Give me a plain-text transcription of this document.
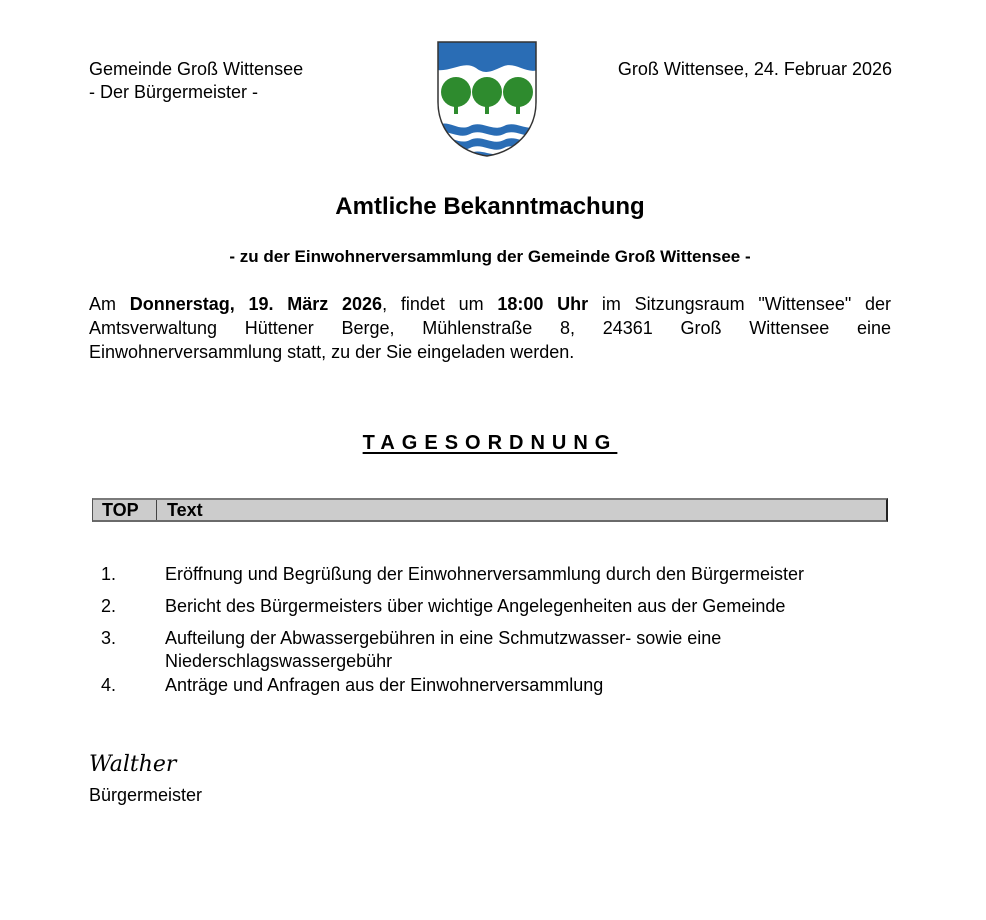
Gemeinde Groß Wittensee
- Der Bürgermeister -
Groß Wittensee, 24. Februar 2026
Amtliche Bekanntmachung
- zu der Einwohnerversammlung der Gemeinde Groß Wittensee -
Am Donnerstag, 19. März 2026, findet um 18:00 Uhr im Sitzungsraum "Wittensee" der Amtsverwaltung Hüttener Berge, Mühlenstraße 8, 24361 Groß Wittensee eine Einwohnerversammlung statt, zu der Sie eingeladen werden.
TAGESORDNUNG
TOP	Text
1.	Eröffnung und Begrüßung der Einwohnerversammlung durch den Bürgermeister
2.	Bericht des Bürgermeisters über wichtige Angelegenheiten aus der Gemeinde
3.	Aufteilung der Abwassergebühren in eine Schmutzwasser- sowie eine Niederschlagswassergebühr
4.	Anträge und Anfragen aus der Einwohnerversammlung
Walther
Bürgermeister
